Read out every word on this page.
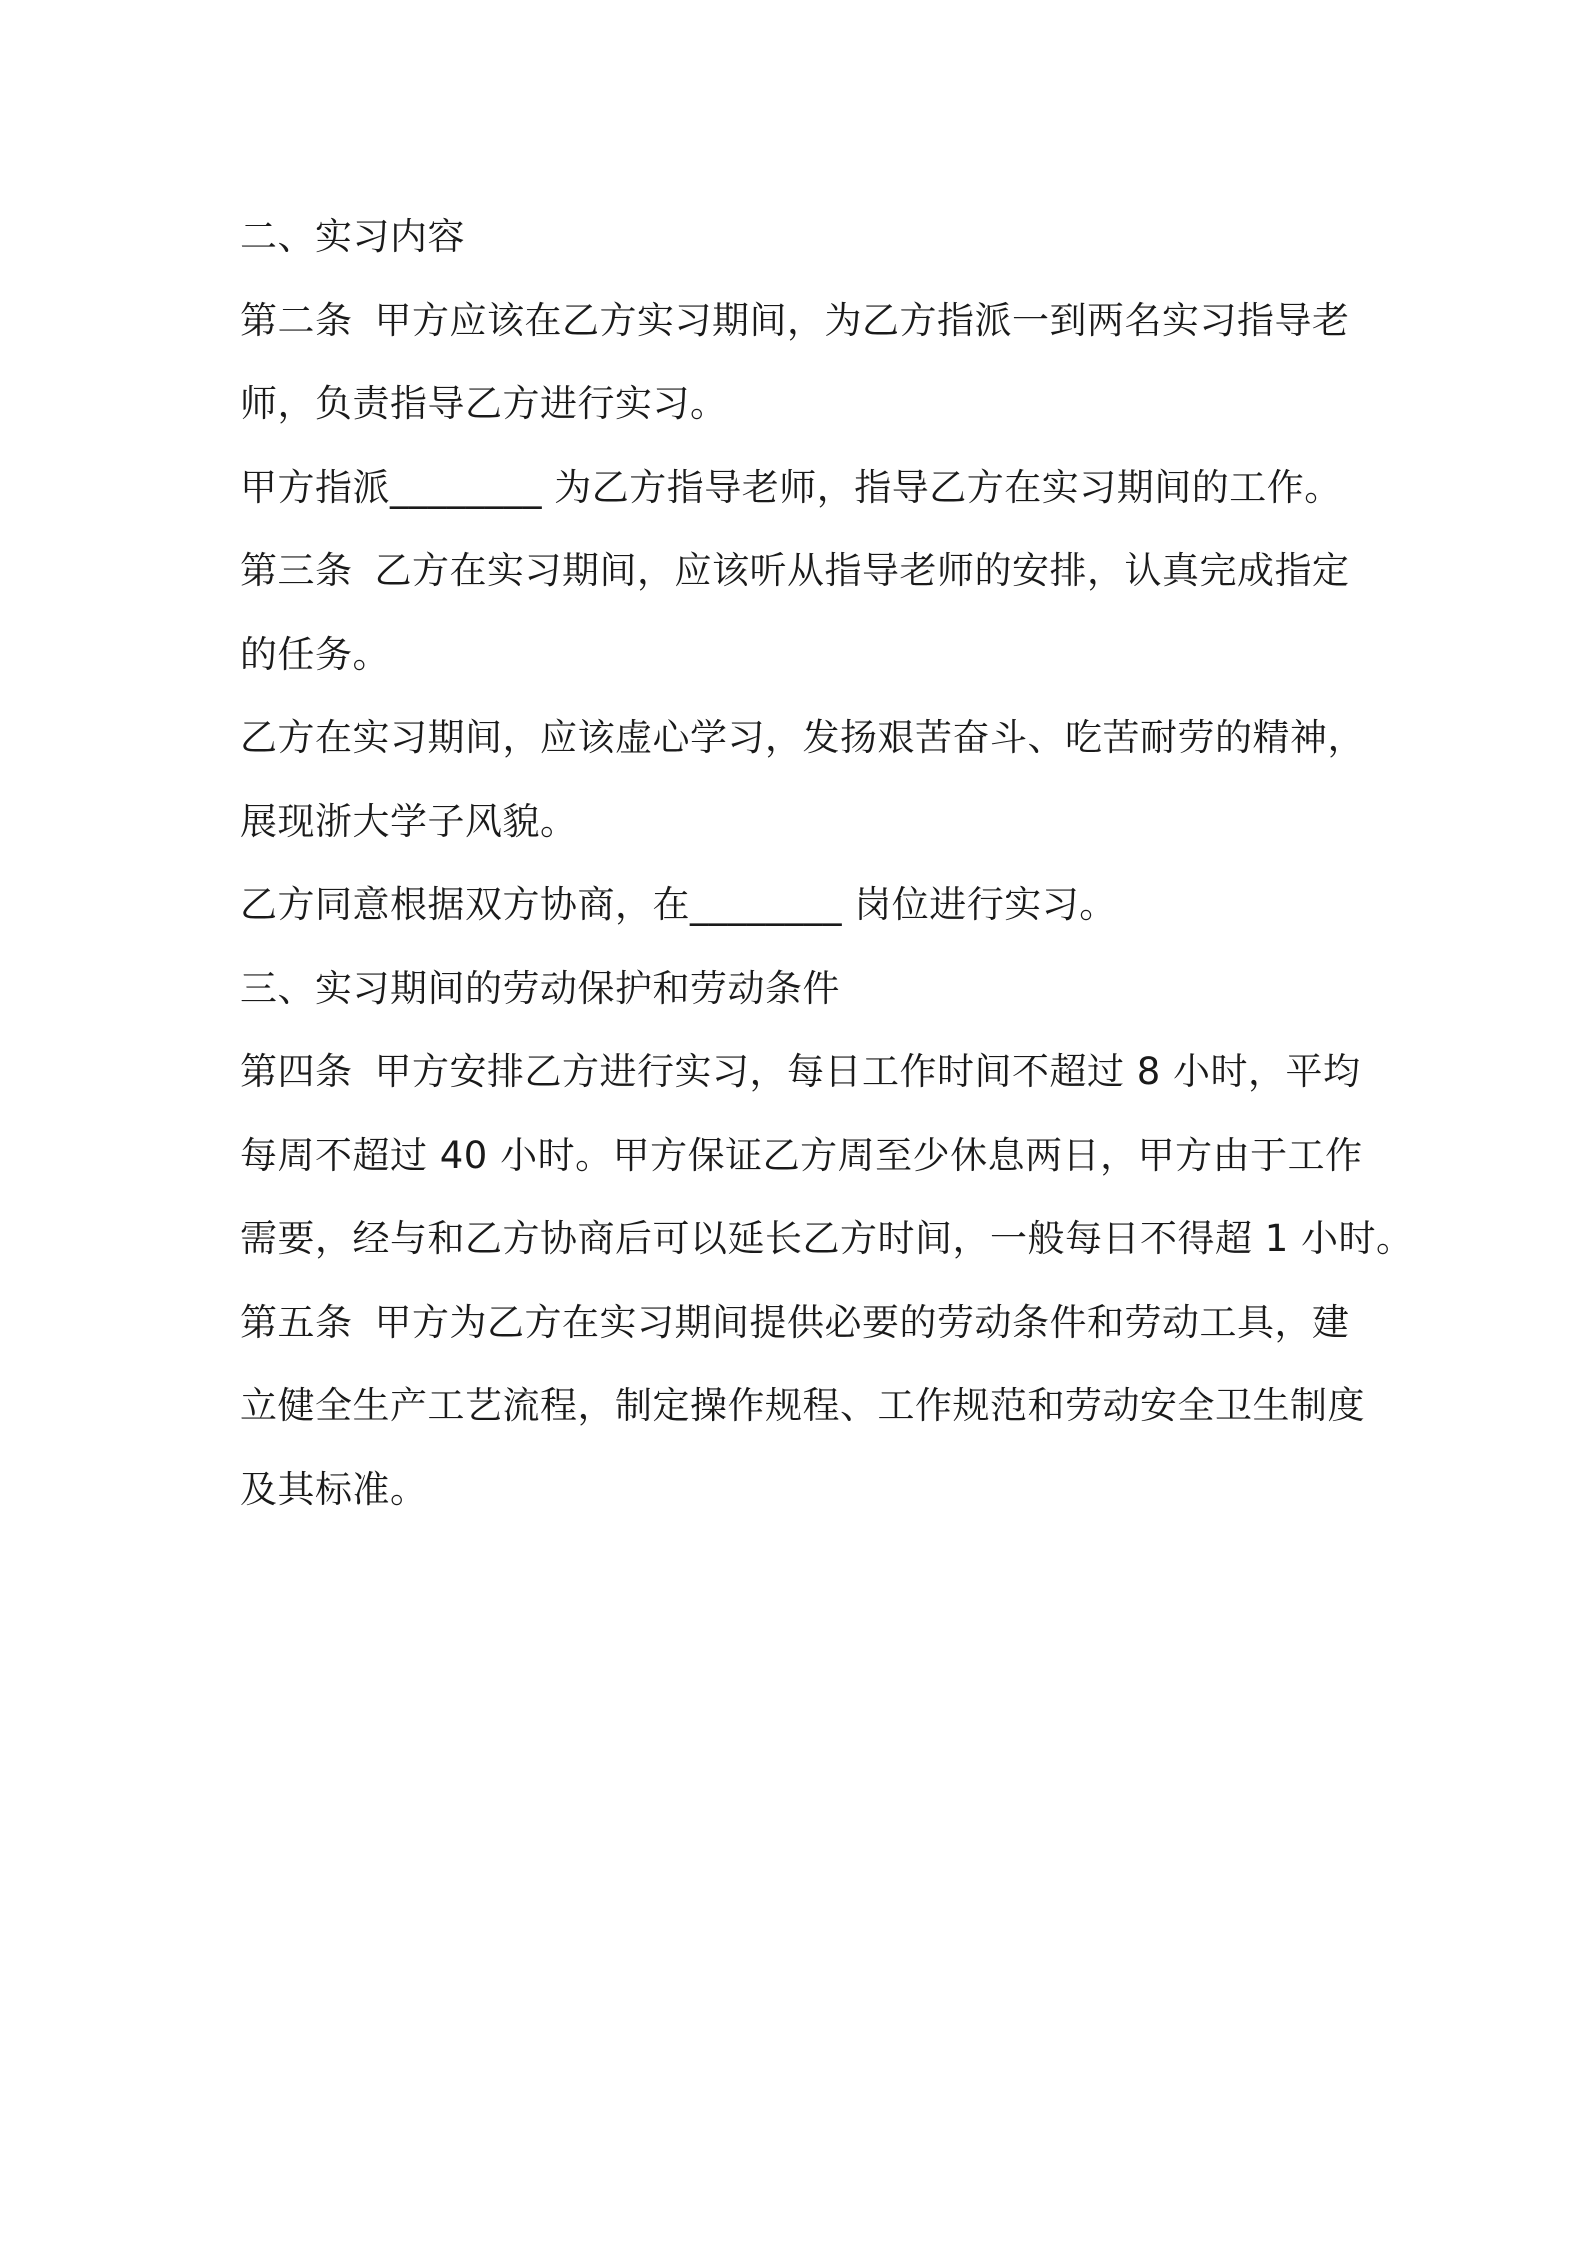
二、实习内容
第二条 甲方应该在乙方实习期间，为乙方指派一到两名实习指导老
师，负责指导乙方进行实习。
甲方指派________ 为乙方指导老师，指导乙方在实习期间的工作。
第三条 乙方在实习期间，应该听从指导老师的安排，认真完成指定
的任务。
乙方在实习期间，应该虚心学习，发扬艰苦奋斗、吃苦耐劳的精神，
展现浙大学子风貌。
乙方同意根据双方协商，在________ 岗位进行实习。
三、实习期间的劳动保护和劳动条件
第四条 甲方安排乙方进行实习，每日工作时间不超过 8 小时，平均
每周不超过 40 小时。甲方保证乙方周至少休息两日，甲方由于工作
需要，经与和乙方协商后可以延长乙方时间，一般每日不得超 1 小时。
第五条 甲方为乙方在实习期间提供必要的劳动条件和劳动工具，建
立健全生产工艺流程，制定操作规程、工作规范和劳动安全卫生制度
及其标准。
